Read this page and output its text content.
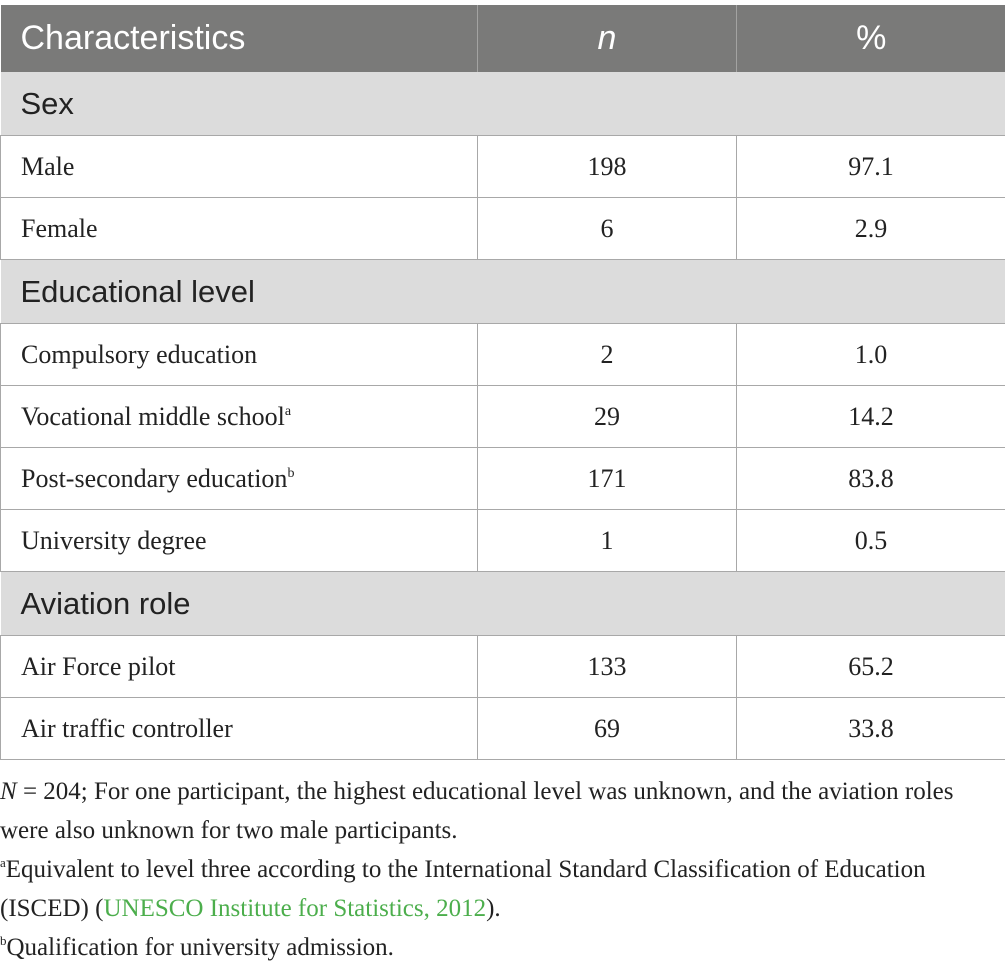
Characteristics	n	%
Sex		
Male	198	97.1
Female	6	2.9
Educational level		
Compulsory education	2	1.0
Vocational middle school$^a$	29	14.2
Post-secondary education$^b$	171	83.8
University degree	1	0.5
Aviation role		
Air Force pilot	133	65.2
Air traffic controller	69	33.8

N = 204; For one participant, the highest educational level was unknown, and the aviation roles were also unknown for two male participants.

$^a$Equivalent to level three according to the International Standard Classification of Education (ISCED) (UNESCO Institute for Statistics, 2012).

$^b$Qualification for university admission.
